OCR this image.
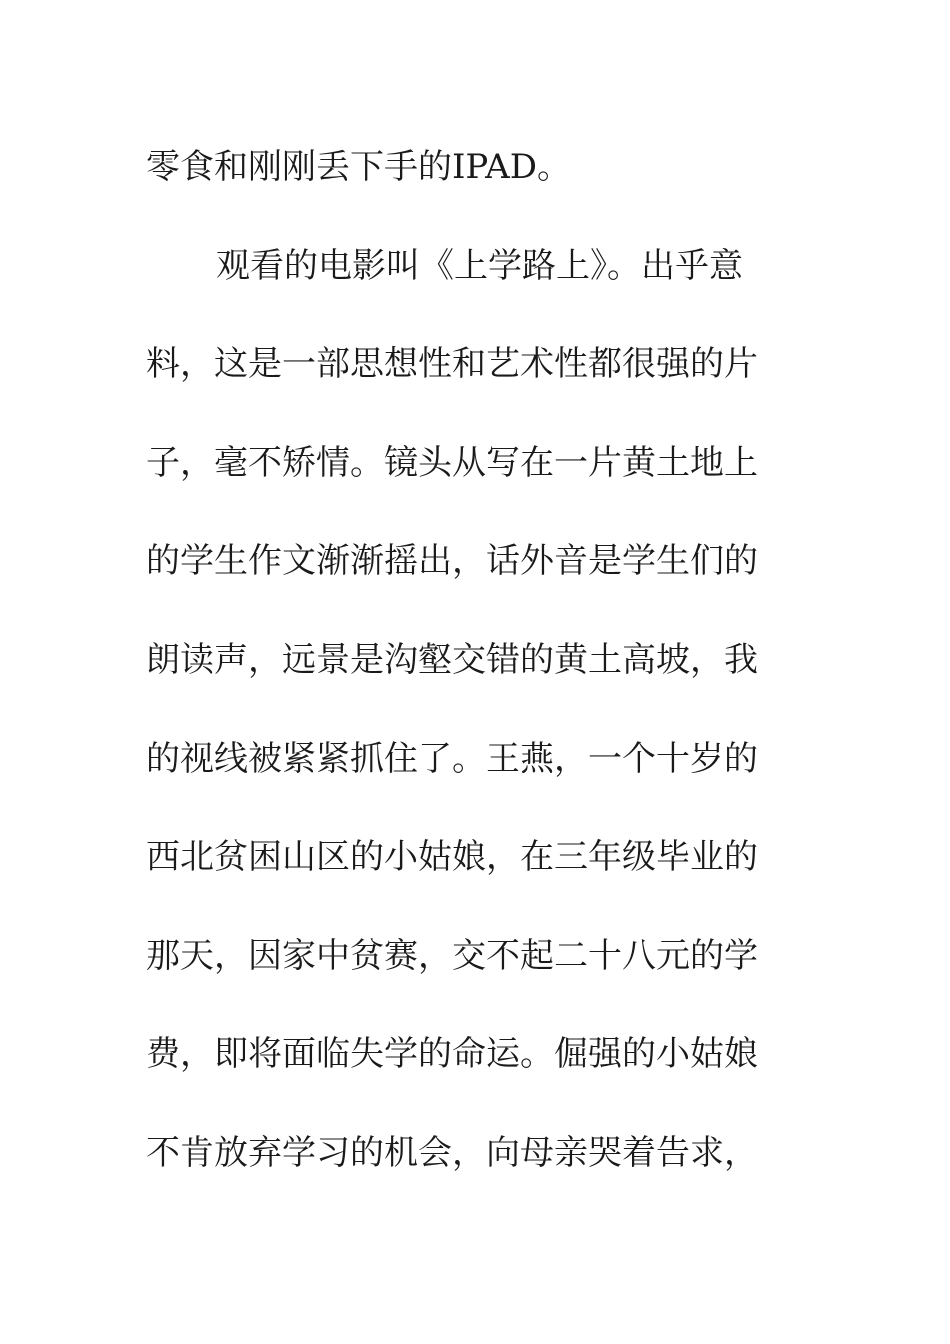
零食和刚刚丢下手的IPAD。
观看的电影叫《上学路上》。出乎意
料，这是一部思想性和艺术性都很强的片
子，毫不矫情。镜头从写在一片黄土地上
的学生作文渐渐摇出，话外音是学生们的
朗读声，远景是沟壑交错的黄土高坡，我
的视线被紧紧抓住了。王燕，一个十岁的
西北贫困山区的小姑娘，在三年级毕业的
那天，因家中贫赛，交不起二十八元的学
费，即将面临失学的命运。倔强的小姑娘
不肯放弃学习的机会，向母亲哭着告求，
